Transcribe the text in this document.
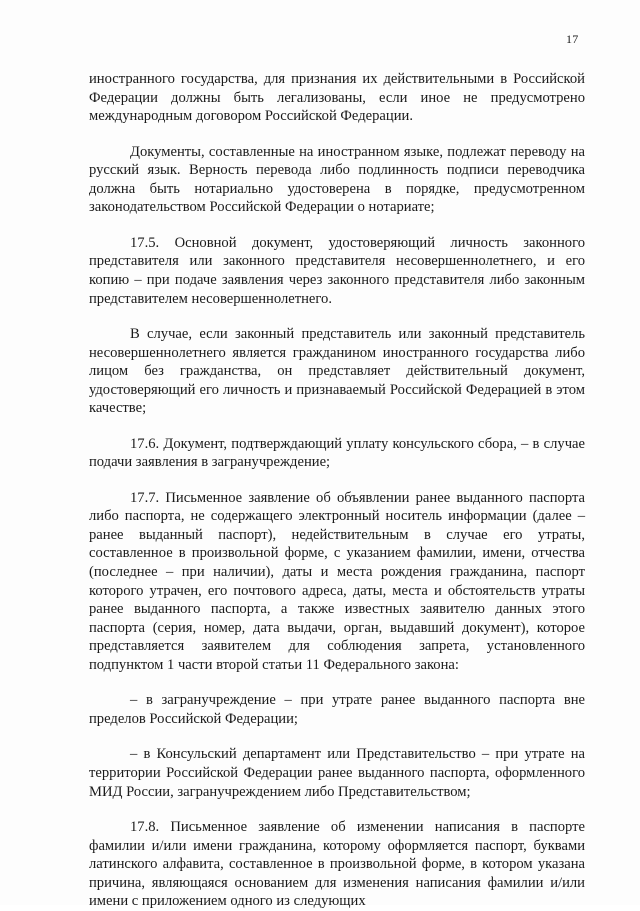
17

иностранного государства, для признания их действительными в Российской Федерации должны быть легализованы, если иное не предусмотрено международным договором Российской Федерации.

Документы, составленные на иностранном языке, подлежат переводу на русский язык. Верность перевода либо подлинность подписи переводчика должна быть нотариально удостоверена в порядке, предусмотренном законодательством Российской Федерации о нотариате;

17.5. Основной документ, удостоверяющий личность законного представителя или законного представителя несовершеннолетнего, и его копию – при подаче заявления через законного представителя либо законным представителем несовершеннолетнего.

В случае, если законный представитель или законный представитель несовершеннолетнего является гражданином иностранного государства либо лицом без гражданства, он представляет действительный документ, удостоверяющий его личность и признаваемый Российской Федерацией в этом качестве;

17.6. Документ, подтверждающий уплату консульского сбора, – в случае подачи заявления в загранучреждение;

17.7. Письменное заявление об объявлении ранее выданного паспорта либо паспорта, не содержащего электронный носитель информации (далее – ранее выданный паспорт), недействительным в случае его утраты, составленное в произвольной форме, с указанием фамилии, имени, отчества (последнее – при наличии), даты и места рождения гражданина, паспорт которого утрачен, его почтового адреса, даты, места и обстоятельств утраты ранее выданного паспорта, а также известных заявителю данных этого паспорта (серия, номер, дата выдачи, орган, выдавший документ), которое представляется заявителем для соблюдения запрета, установленного подпунктом 1 части второй статьи 11 Федерального закона:

– в загранучреждение – при утрате ранее выданного паспорта вне пределов Российской Федерации;

– в Консульский департамент или Представительство – при утрате на территории Российской Федерации ранее выданного паспорта, оформленного МИД России, загранучреждением либо Представительством;

17.8. Письменное заявление об изменении написания в паспорте фамилии и/или имени гражданина, которому оформляется паспорт, буквами латинского алфавита, составленное в произвольной форме, в котором указана причина, являющаяся основанием для изменения написания фамилии и/или имени с приложением одного из следующих
